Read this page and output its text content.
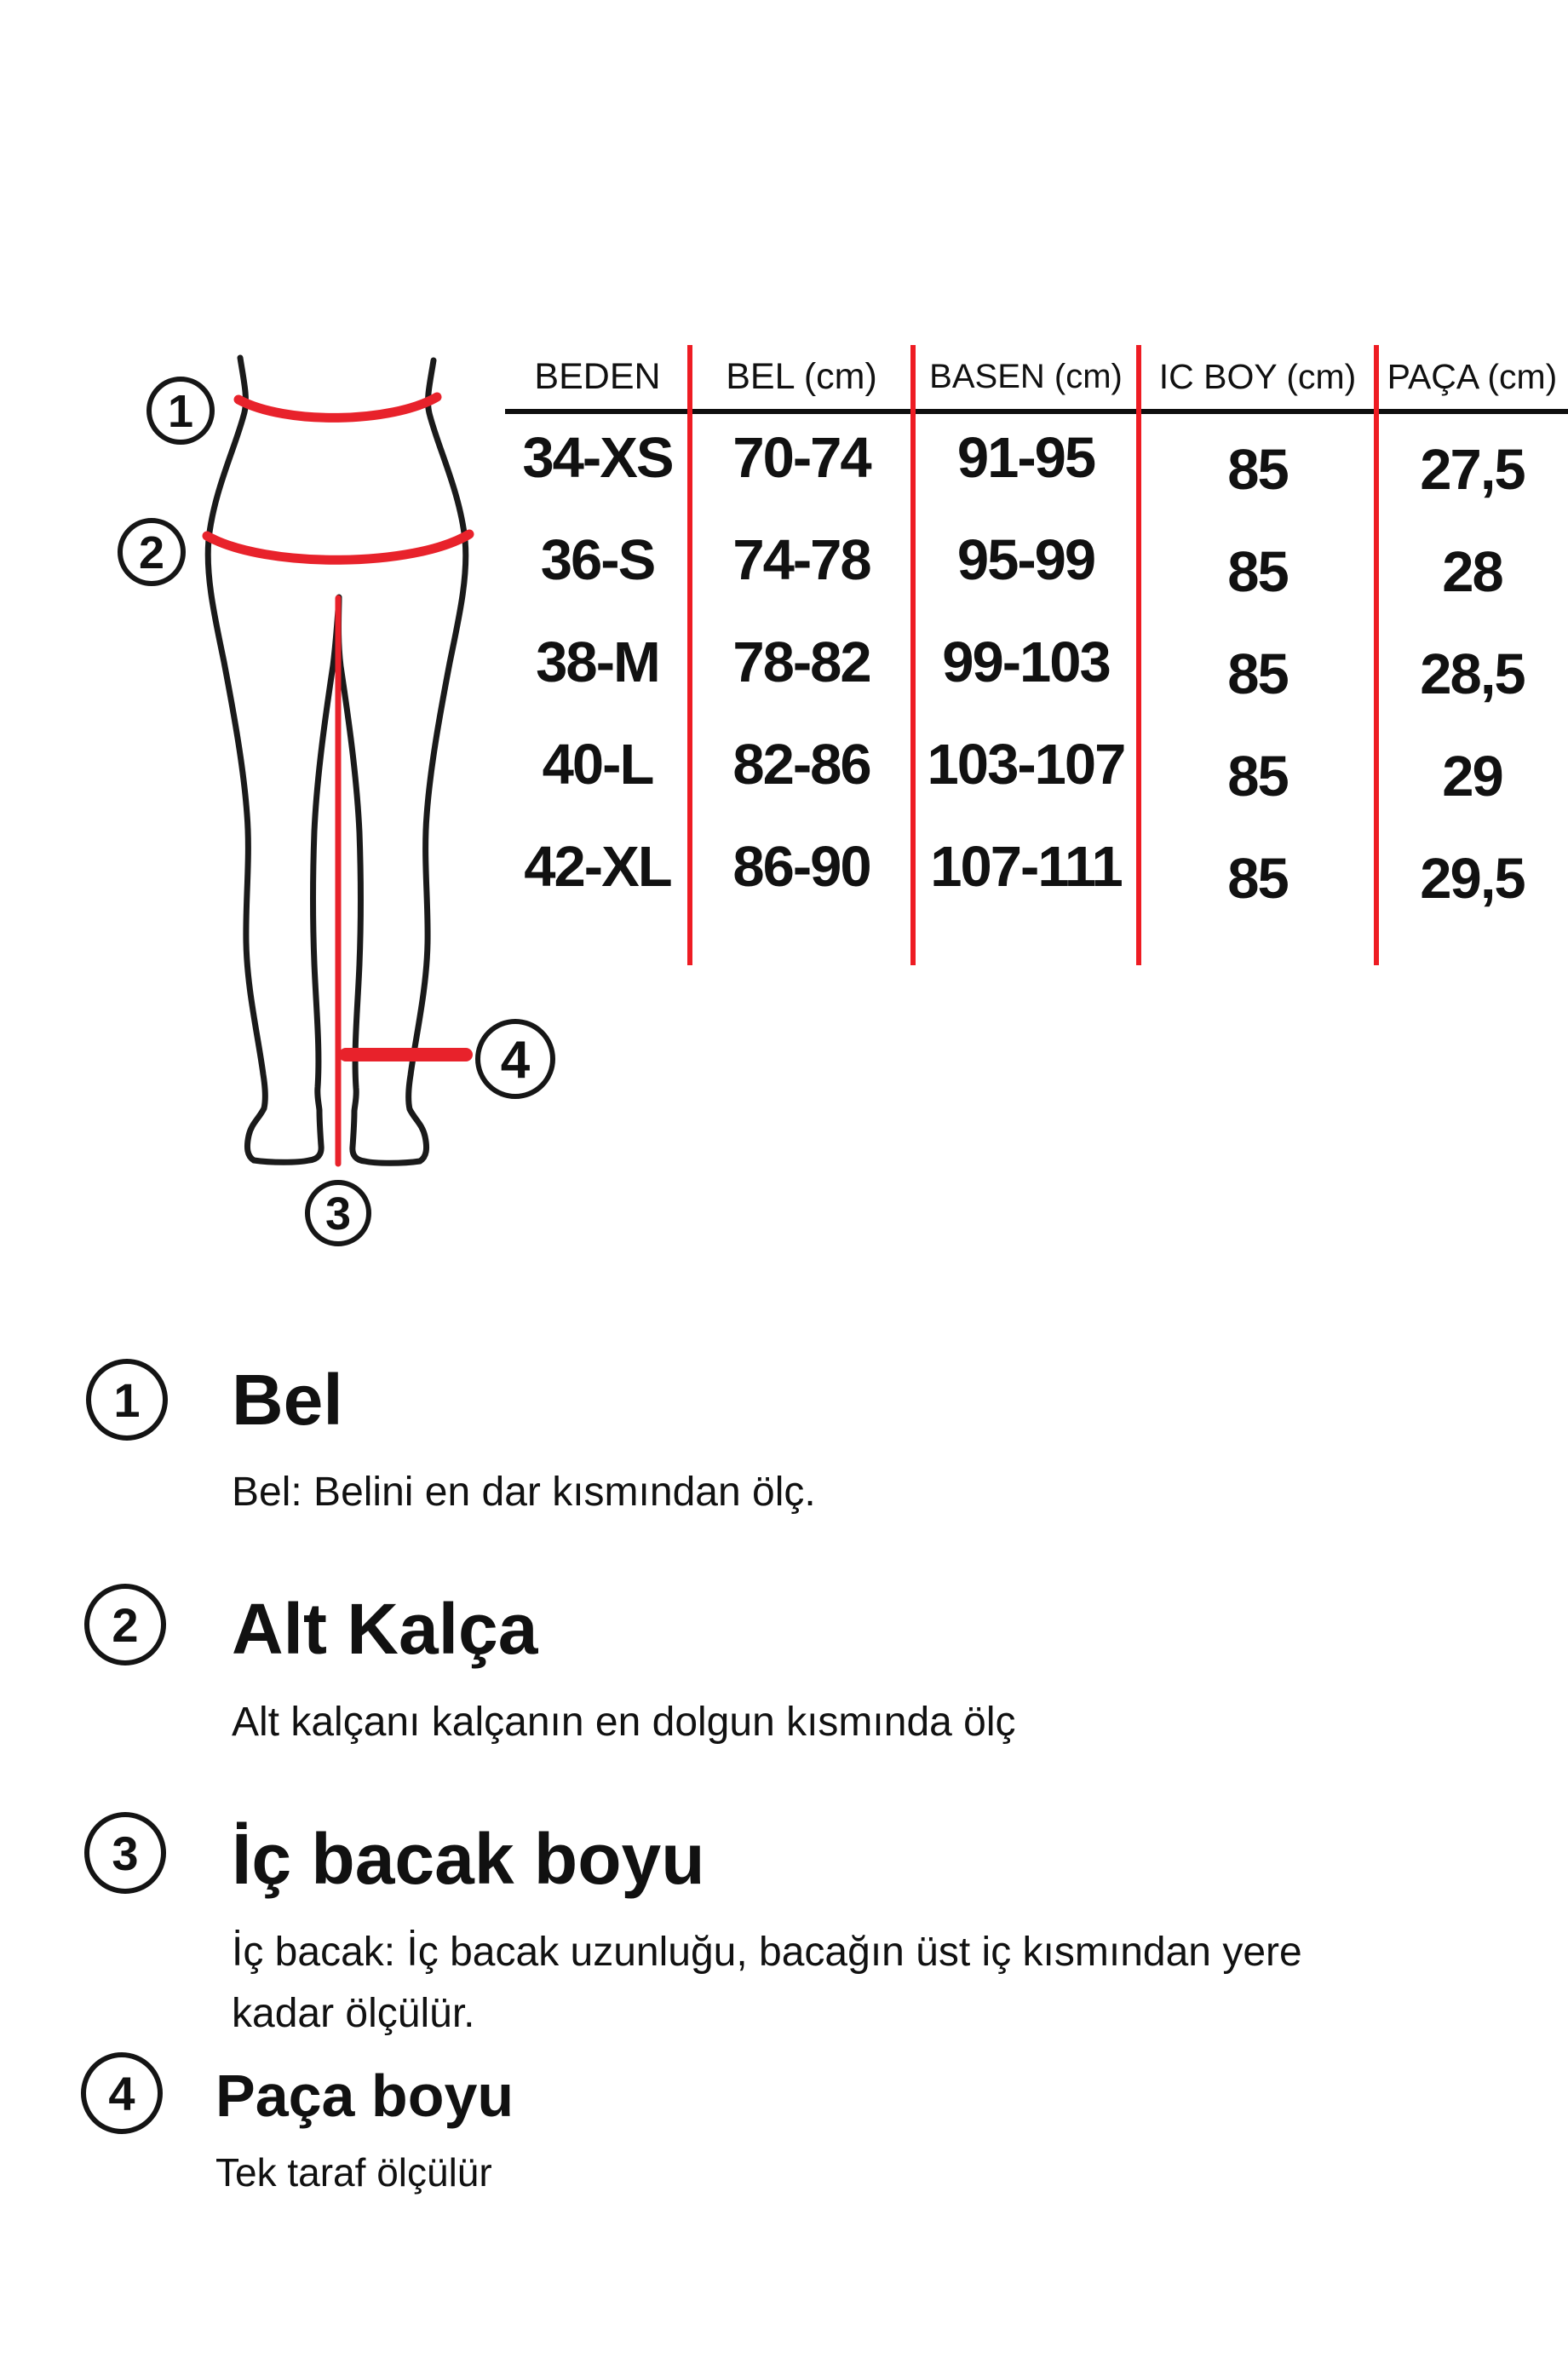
1
2
3
4
BEDEN	BEL (cm)	BASEN (cm)	IC BOY (cm) PAÇA (cm)
34-XS	70-74	91-95	85	27,5
36-S	74-78	95-99	85	28
38-M	78-82	99-103	85	28,5
40-L	82-86 103-107	85	29
42-XL	86-90	107-111	85	29,5
1 Bel
Bel: Belini en dar kısmından ölç.
2 Alt Kalça
Alt kalçanı kalçanın en dolgun kısmında ölç
3 İç bacak boyu
İç bacak: İç bacak uzunluğu, bacağın üst iç kısmından yere
kadar ölçülür.
4 Paça boyu
Tek taraf ölçülür
